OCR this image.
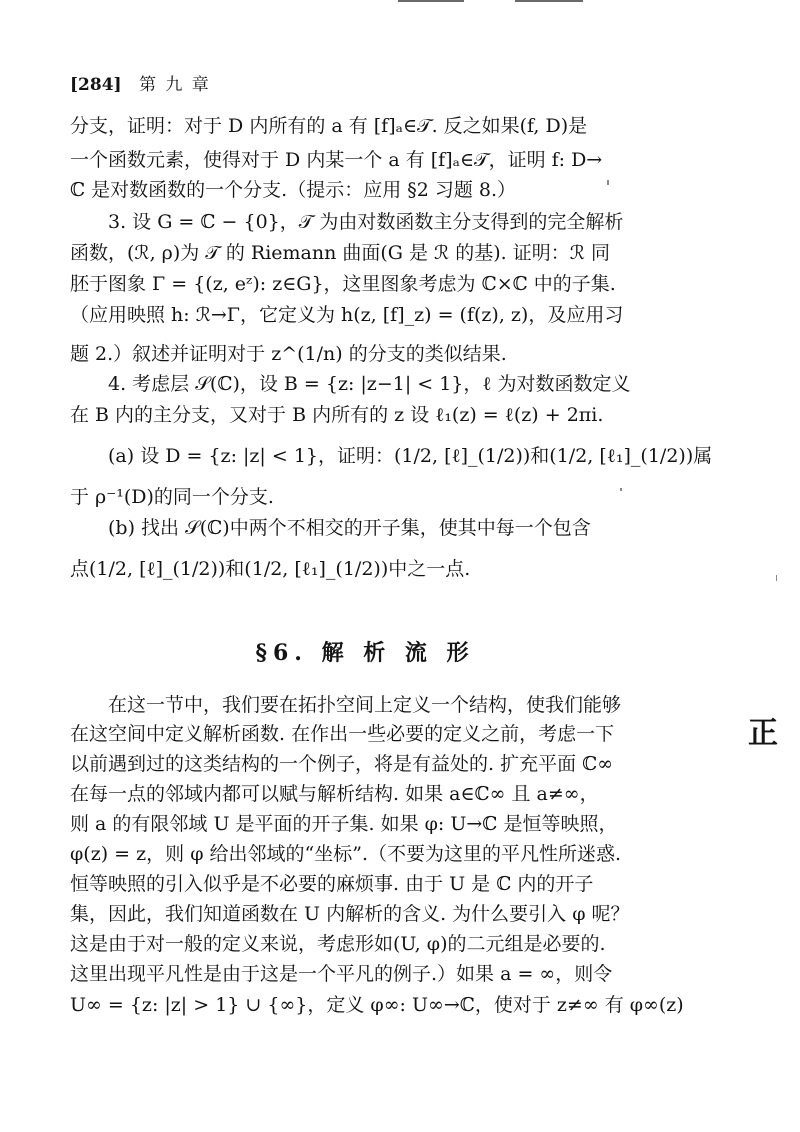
[284] 第 九 章
分支，证明：对于 D 内所有的 a 有 [f]ₐ∈𝒯. 反之如果(f, D)是
一个函数元素，使得对于 D 内某一个 a 有 [f]ₐ∈𝒯，证明 f: D→
ℂ 是对数函数的一个分支.（提示：应用 §2 习题 8.）
3. 设 G = ℂ − {0}，𝒯 为由对数函数主分支得到的完全解析
函数，(ℛ, ρ)为 𝒯 的 Riemann 曲面(G 是 ℛ 的基). 证明：ℛ 同
胚于图象 Γ = {(z, eᶻ): z∈G}，这里图象考虑为 ℂ×ℂ 中的子集.
（应用映照 h: ℛ→Γ，它定义为 h(z, [f]_z) = (f(z), z)，及应用习
题 2.）叙述并证明对于 z^(1/n) 的分支的类似结果.
4. 考虑层 𝒮(ℂ)，设 B = {z: |z−1| < 1}，ℓ 为对数函数定义
在 B 内的主分支，又对于 B 内所有的 z 设 ℓ₁(z) = ℓ(z) + 2πi.
(a) 设 D = {z: |z| < 1}，证明：(1/2, [ℓ]_(1/2))和(1/2, [ℓ₁]_(1/2))属
于 ρ⁻¹(D)的同一个分支.
(b) 找出 𝒮(ℂ)中两个不相交的开子集，使其中每一个包含
点(1/2, [ℓ]_(1/2))和(1/2, [ℓ₁]_(1/2))中之一点.
§6. 解 析 流 形
在这一节中，我们要在拓扑空间上定义一个结构，使我们能够
在这空间中定义解析函数. 在作出一些必要的定义之前，考虑一下
以前遇到过的这类结构的一个例子，将是有益处的. 扩充平面 ℂ∞
在每一点的邻域内都可以赋与解析结构. 如果 a∈ℂ∞ 且 a≠∞，
则 a 的有限邻域 U 是平面的开子集. 如果 φ: U→ℂ 是恒等映照，
φ(z) = z，则 φ 给出邻域的“坐标”.（不要为这里的平凡性所迷惑.
恒等映照的引入似乎是不必要的麻烦事. 由于 U 是 ℂ 内的开子
集，因此，我们知道函数在 U 内解析的含义. 为什么要引入 φ 呢？
这是由于对一般的定义来说，考虑形如(U, φ)的二元组是必要的.
这里出现平凡性是由于这是一个平凡的例子.）如果 a = ∞，则令
U∞ = {z: |z| > 1} ∪ {∞}，定义 φ∞: U∞→ℂ，使对于 z≠∞ 有 φ∞(z)
正
